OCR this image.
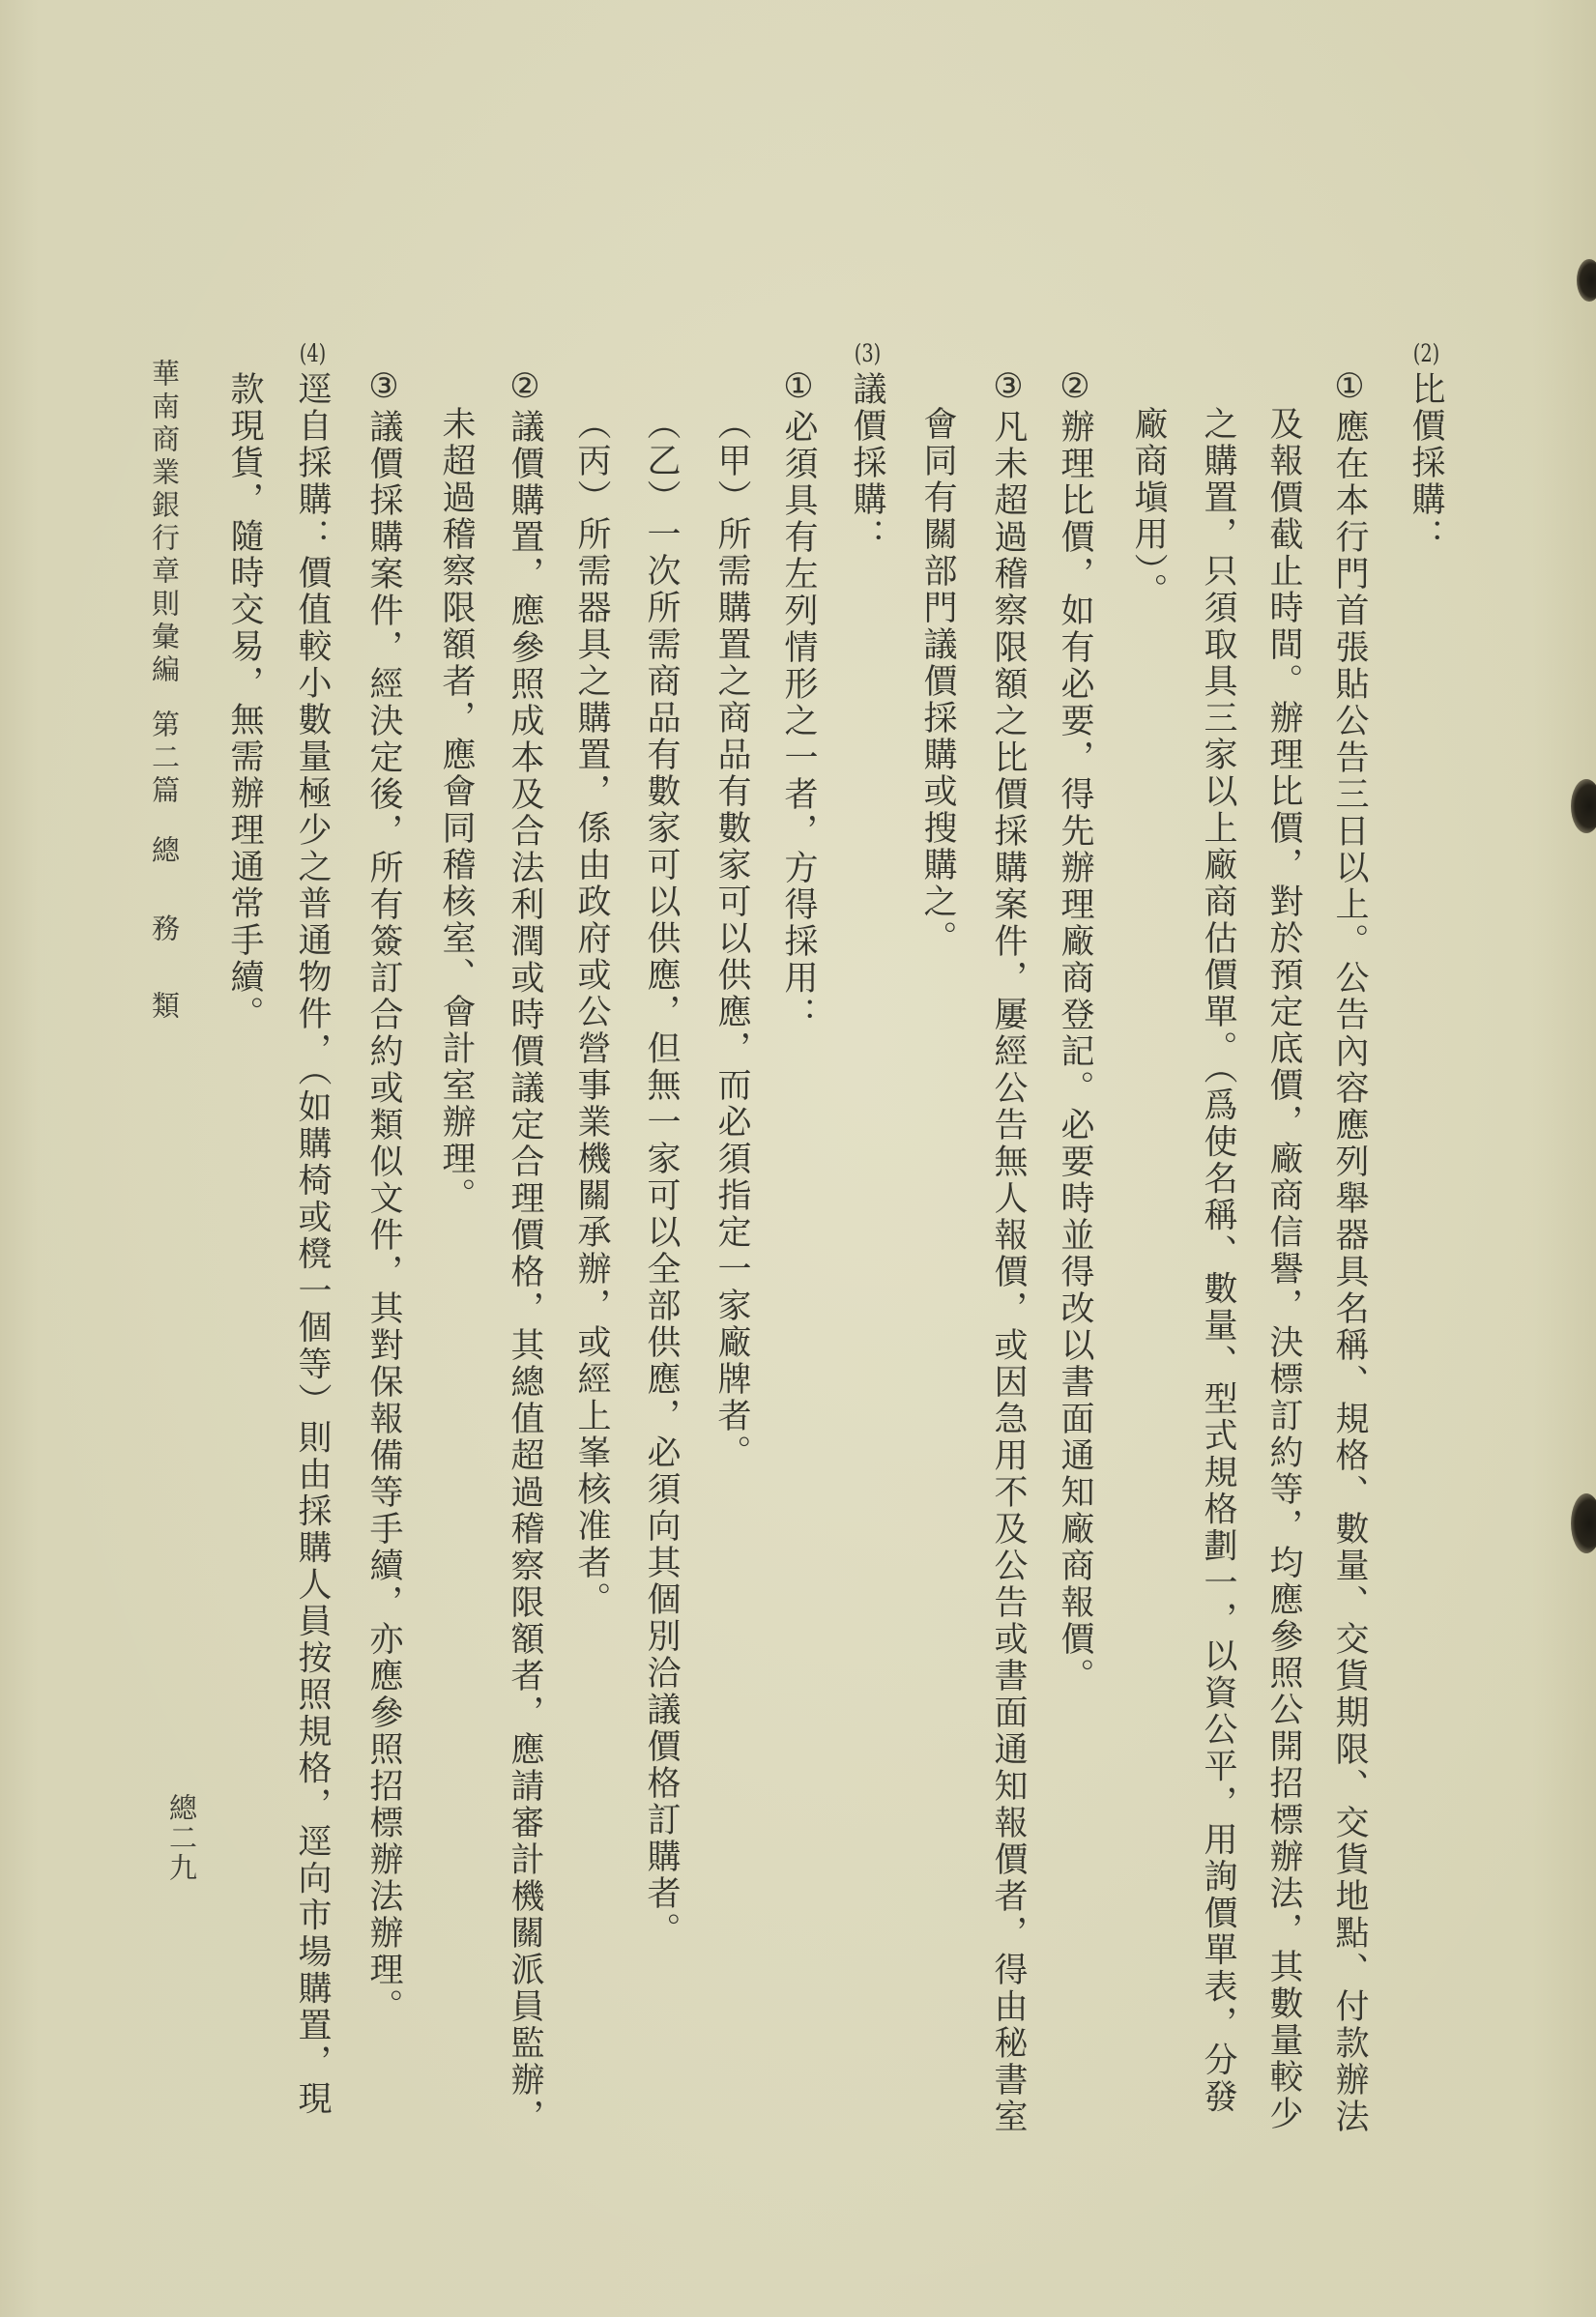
(2)
比價採購：
①應在本行門首張貼公告三日以上。公告內容應列舉器具名稱、規格、數量、交貨期限、交貨地點、付款辦法
及報價截止時間。辦理比價，對於預定底價，廠商信譽，決標訂約等，均應參照公開招標辦法，其數量較少
之購置，只須取具三家以上廠商估價單。（爲使名稱、數量、型式規格劃一，以資公平，用詢價單表，分發
廠商塡用）。
②辦理比價，如有必要，得先辦理廠商登記。必要時並得改以書面通知廠商報價。
③凡未超過稽察限額之比價採購案件，屢經公告無人報價，或因急用不及公告或書面通知報價者，得由秘書室
會同有關部門議價採購或搜購之。
(3)
議價採購：
①必須具有左列情形之一者，方得採用：
（甲）所需購置之商品有數家可以供應，而必須指定一家廠牌者。
（乙）一次所需商品有數家可以供應，但無一家可以全部供應，必須向其個別洽議價格訂購者。
（丙）所需器具之購置，係由政府或公營事業機關承辦，或經上峯核准者。
②議價購置，應參照成本及合法利潤或時價議定合理價格，其總值超過稽察限額者，應請審計機關派員監辦，
未超過稽察限額者，應會同稽核室、會計室辦理。
③議價採購案件，經決定後，所有簽訂合約或類似文件，其對保報備等手續，亦應參照招標辦法辦理。
(4)
逕自採購：價值較小數量極少之普通物件，（如購椅或櫈一個等）則由採購人員按照規格，逕向市場購置，現
款現貨，隨時交易，無需辦理通常手續。
華南商業銀行章則彙編
第二篇
總
務
類
總二九
